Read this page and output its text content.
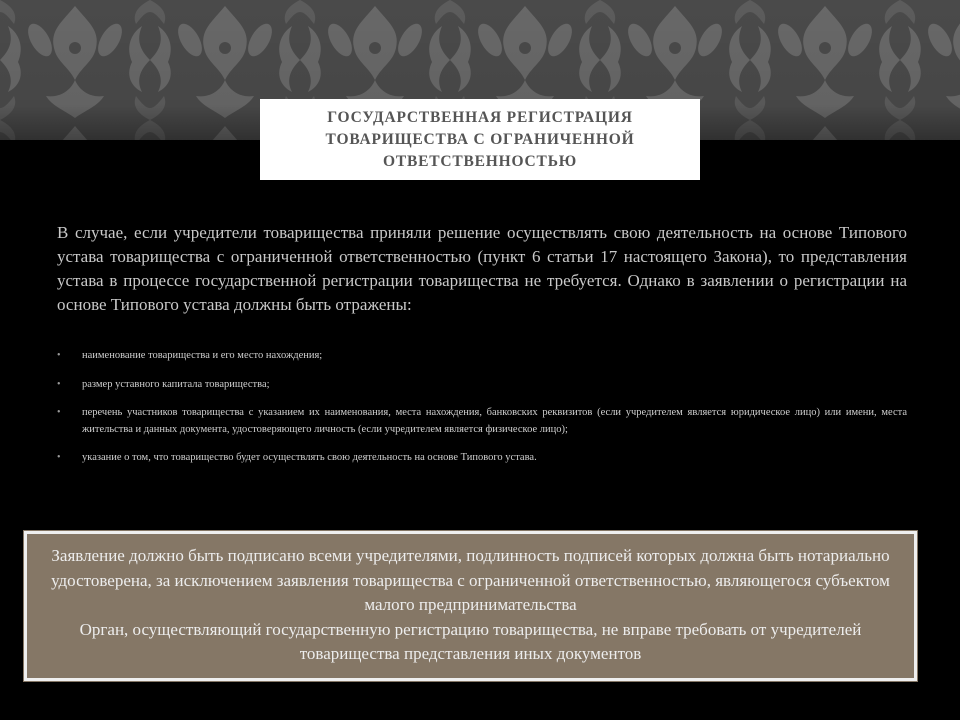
ГОСУДАРСТВЕННАЯ РЕГИСТРАЦИЯ ТОВАРИЩЕСТВА С ОГРАНИЧЕННОЙ ОТВЕТСТВЕННОСТЬЮ

В случае, если учредители товарищества приняли решение осуществлять свою деятельность на основе Типового устава товарищества с ограниченной ответственностью (пункт 6 статьи 17 настоящего Закона), то представления устава в процессе государственной регистрации товарищества не требуется. Однако в заявлении о регистрации на основе Типового устава должны быть отражены:

• наименование товарищества и его место нахождения;
• размер уставного капитала товарищества;
• перечень участников товарищества с указанием их наименования, места нахождения, банковских реквизитов (если учредителем является юридическое лицо) или имени, места жительства и данных документа, удостоверяющего личность (если учредителем является физическое лицо);
• указание о том, что товарищество будет осуществлять свою деятельность на основе Типового устава.

Заявление должно быть подписано всеми учредителями, подлинность подписей которых должна быть нотариально удостоверена, за исключением заявления товарищества с ограниченной ответственностью, являющегося субъектом малого предпринимательства

Орган, осуществляющий государственную регистрацию товарищества, не вправе требовать от учредителей товарищества представления иных документов
